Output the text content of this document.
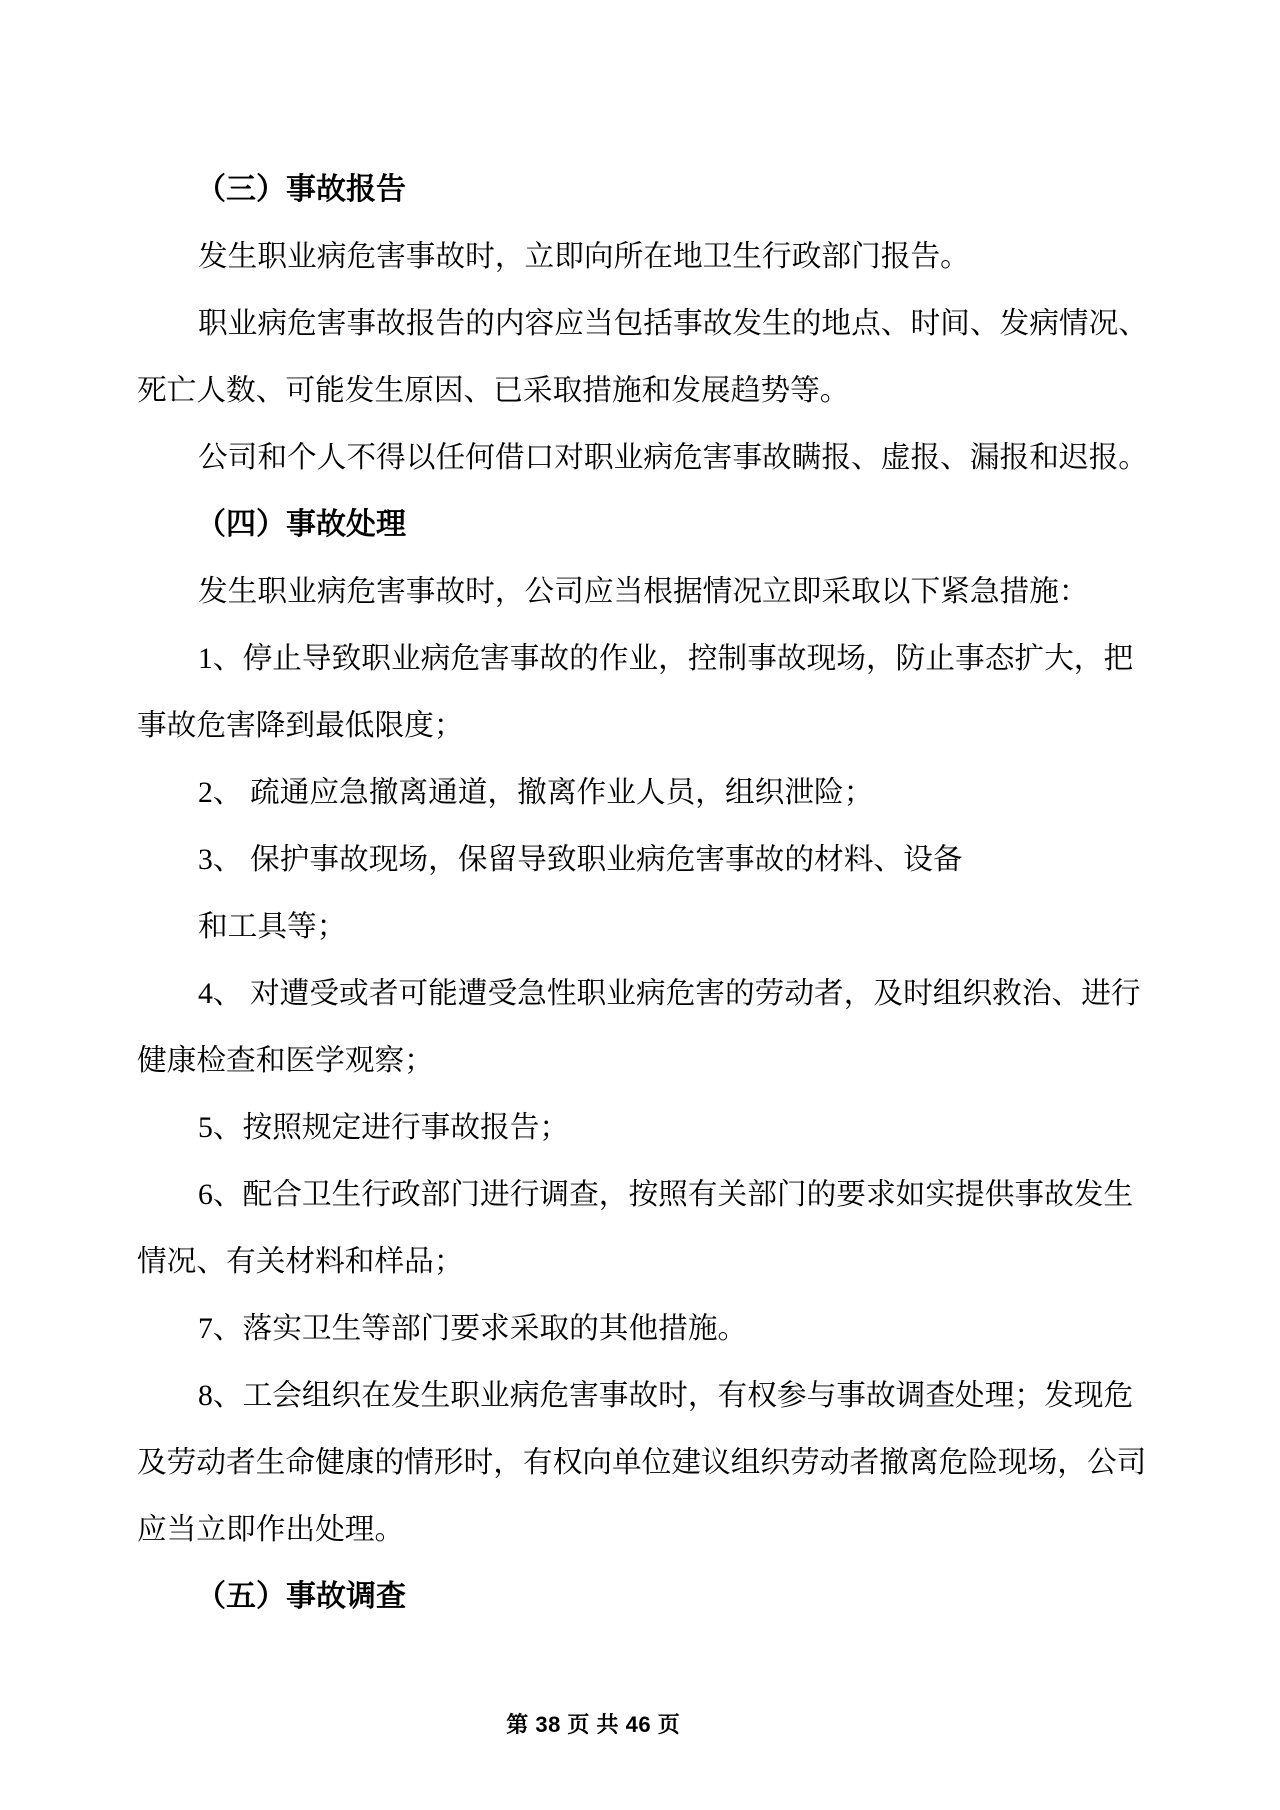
（三）事故报告
发生职业病危害事故时，立即向所在地卫生行政部门报告。
职业病危害事故报告的内容应当包括事故发生的地点、时间、发病情况、
死亡人数、可能发生原因、已采取措施和发展趋势等。
公司和个人不得以任何借口对职业病危害事故瞒报、虚报、漏报和迟报。
（四）事故处理
发生职业病危害事故时，公司应当根据情况立即采取以下紧急措施：
1、停止导致职业病危害事故的作业，控制事故现场，防止事态扩大，把
事故危害降到最低限度；
2、 疏通应急撤离通道，撤离作业人员，组织泄险；
3、 保护事故现场，保留导致职业病危害事故的材料、设备
和工具等；
4、 对遭受或者可能遭受急性职业病危害的劳动者，及时组织救治、进行
健康检查和医学观察；
5、按照规定进行事故报告；
6、配合卫生行政部门进行调查，按照有关部门的要求如实提供事故发生
情况、有关材料和样品；
7、落实卫生等部门要求采取的其他措施。
8、工会组织在发生职业病危害事故时，有权参与事故调查处理；发现危
及劳动者生命健康的情形时，有权向单位建议组织劳动者撤离危险现场，公司
应当立即作出处理。
（五）事故调查

第 38 页 共 46 页
